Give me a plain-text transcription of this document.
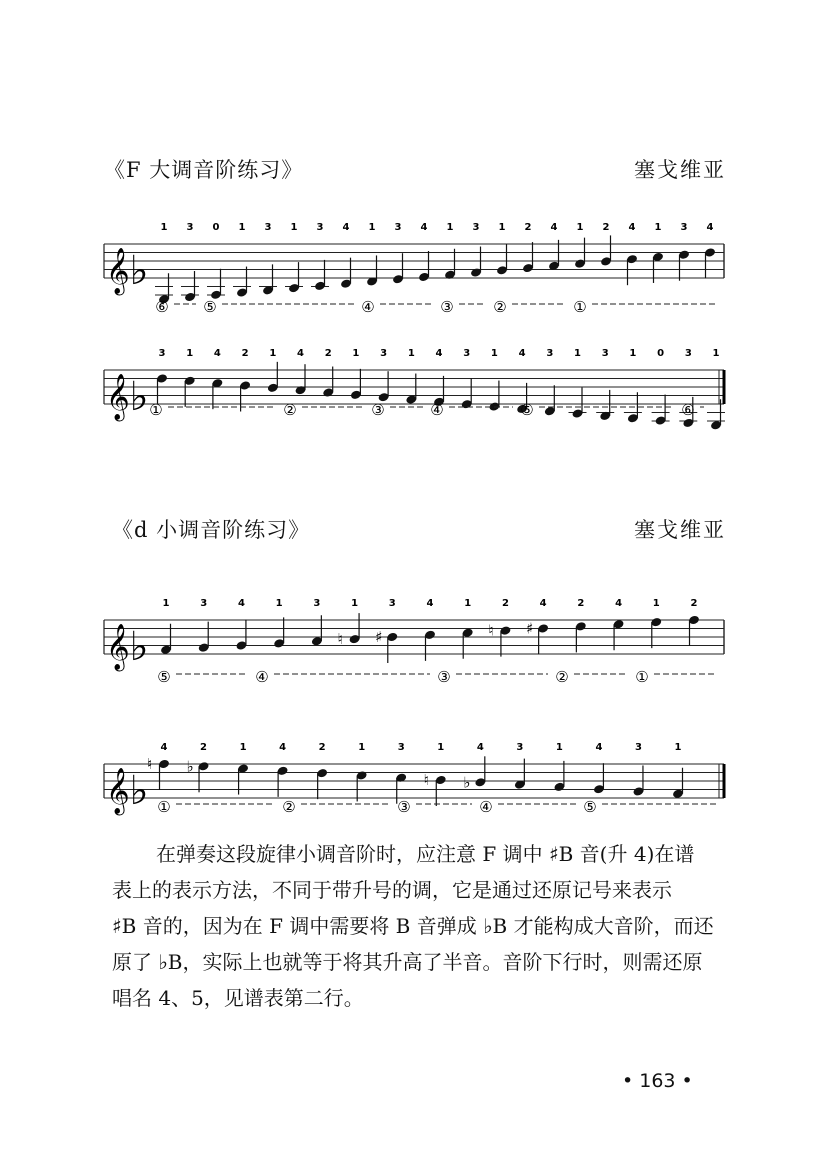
《F 大调音阶练习》	塞戈维亚
《d 小调音阶练习》	塞戈维亚
𝄞♭
1 3 0 1 3 1 3 4 1 3 4 1 3 1 2 4 1 2 4 1 3 4
⑥ ⑤	④	③	②	①
𝄞♭
3 1 4 2 1 4 2 1 3 1 4 3 1 4 3 1 3 1 0 3 1
①	②	③	④	⑤	⑥
𝄞♭
1	3	4	1	3
♮
1
♯
3	4	1
♮
2
♯
4	2	4	1	2
⑤	④	③	②	①
𝄞♭
♮
4
♭
2	1	4	2	1	3
♮
1
♭
4	3	1	4	3	1
①	②	③	④	⑤
在弹奏这段旋律小调音阶时，应注意 F 调中 ♯B 音(升 4)在谱
表上的表示方法，不同于带升号的调，它是通过还原记号来表示
♯B 音的，因为在 F 调中需要将 B 音弹成 ♭B 才能构成大音阶，而还
原了 ♭B，实际上也就等于将其升高了半音。音阶下行时，则需还原
唱名 4、5，见谱表第二行。
• 163 •
